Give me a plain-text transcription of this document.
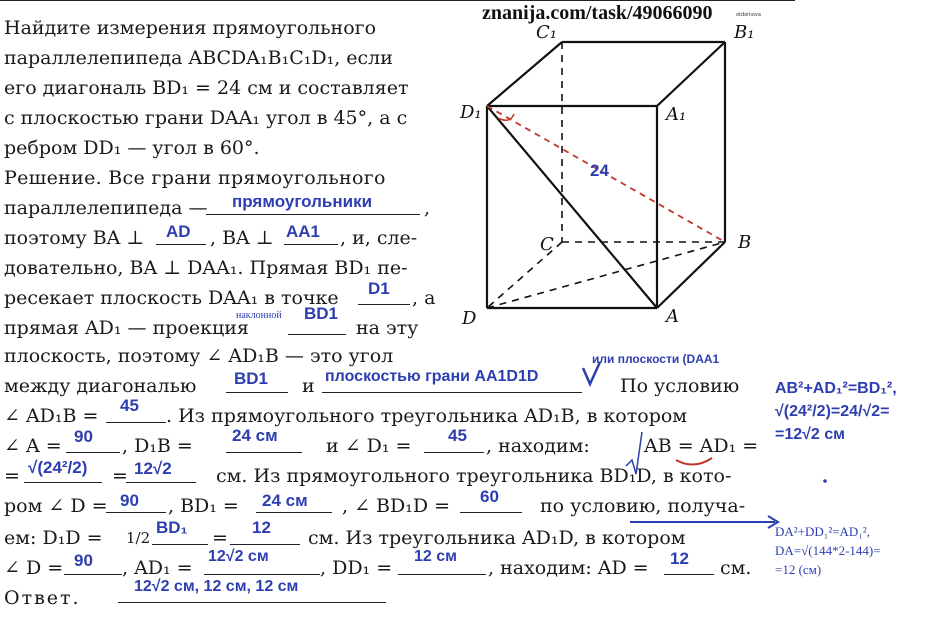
znanija.com/task/49066090	otdelnova
C₁	B₁
D₁	A₁
C	B
D	A
24
Найдите измерения прямоугольного
параллелепипеда ABCDA₁B₁C₁D₁, если
его диагональ BD₁ = 24 см и составляет
с плоскостью грани DAA₁ угол в 45°, а с
ребром DD₁ — угол в 60°.
Решение. Все грани прямоугольного
параллелепипеда — прямоугольники	,
поэтому BA ⊥ AD , BA ⊥ AA1 , и, сле-
довательно, BA ⊥ DAA₁. Прямая BD₁ пе-
ресекает плоскость DAA₁ в точке D1 , а
прямая AD₁ — проекция
наклонной BD1
на эту
плоскость, поэтому ∠ AD₁B — это угол	или плоскости (DAA1
между диагональю BD1 и плоскостью грани AA1D1D	По условию
∠ AD₁B = 45 . Из прямоугольного треугольника AD₁B, в котором
∠ A = 90 , D₁B = 24 см	и ∠ D₁ = 45 , находим:	AB = AD₁ =
= √(24²/2) = 12√2 см. Из прямоугольного треугольника BD₁D, в кото-
ром ∠ D = 90 , BD₁ = 24 см , ∠ BD₁D = 60 по условию, получа-
ем: D₁D = 1/2
BD₁ = 12 см. Из треугольника AD₁D, в котором
∠ D = 90 , AD₁ =
12√2 см
, DD₁ =
12 см
, находим: AD = 12 см.
Ответ.
12√2 см, 12 см, 12 см
AB²+AD₁²=BD₁²,
√(24²/2)=24/√2=
=12√2 см
DA²+DD₁²=AD₁²,
DA=√(144*2-144)=
=12 (см)
